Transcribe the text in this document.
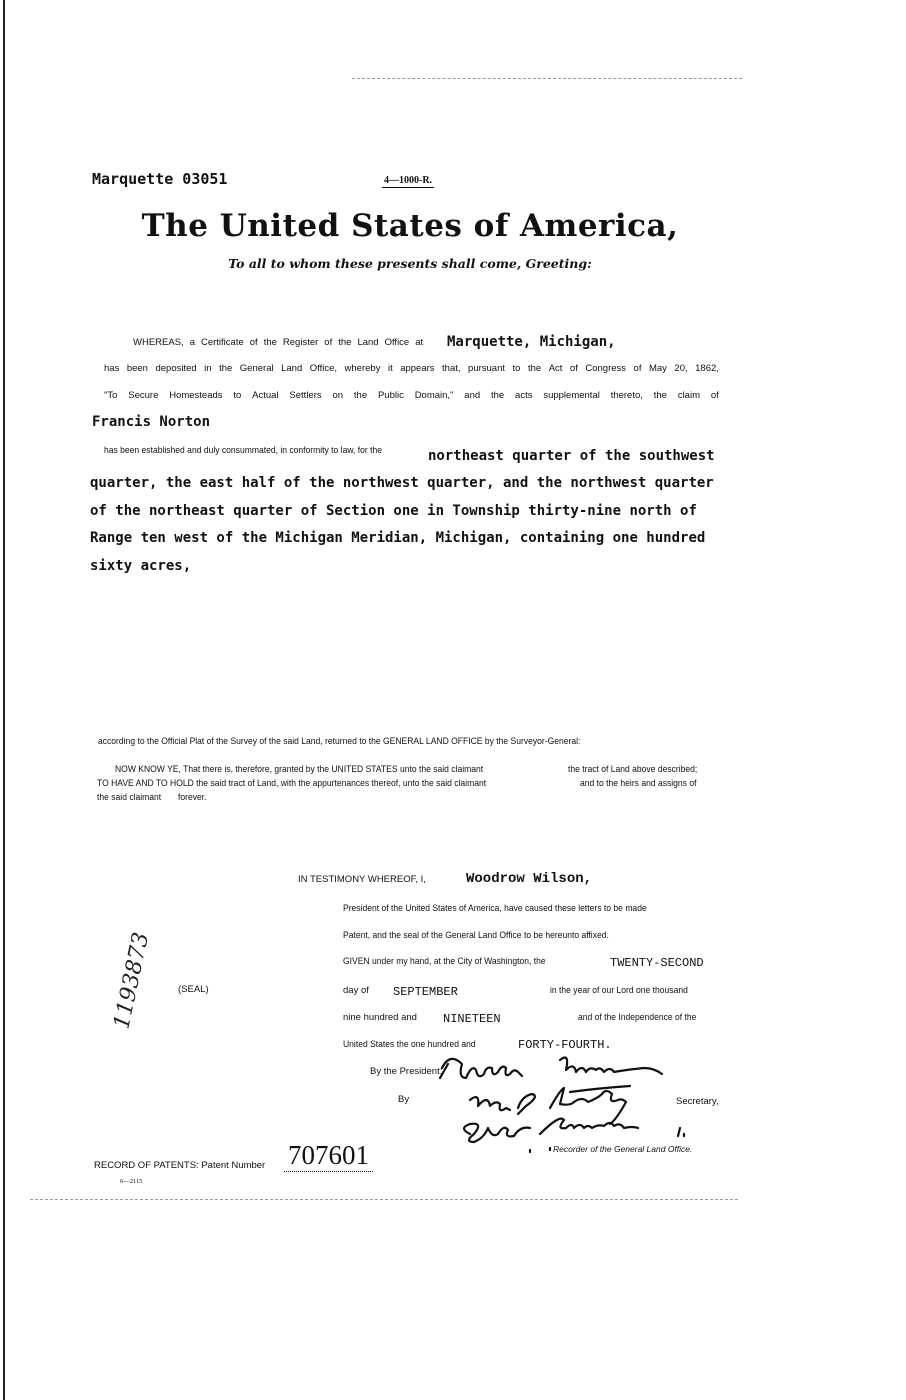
Marquette 03051	4—1000-R.
The United States of America,
To all to whom these presents shall come, Greeting:
WHEREAS, a Certificate of the Register of the Land Office at Marquette, Michigan,
has been deposited in the General Land Office, whereby it appears that, pursuant to the Act of Congress of May 20, 1862,
"To Secure Homesteads to Actual Settlers on the Public Domain," and the acts supplemental thereto, the claim of
Francis Norton
has been established and duly consummated, in conformity to law, for the	northeast quarter of the southwest
quarter, the east half of the northwest quarter, and the northwest quarter
of the northeast quarter of Section one in Township thirty-nine north of
Range ten west of the Michigan Meridian, Michigan, containing one hundred
sixty acres,
according to the Official Plat of the Survey of the said Land, returned to the GENERAL LAND OFFICE by the Surveyor-General:
NOW KNOW YE, That there is, therefore, granted by the UNITED STATES unto the said claimant	the tract of Land above described;
TO HAVE AND TO HOLD the said tract of Land, with the appurtenances thereof, unto the said claimant	and to the heirs and assigns of
the said claimant	forever.
IN TESTIMONY WHEREOF, I,	Woodrow Wilson,
President of the United States of America, have caused these letters to be made
Patent, and the seal of the General Land Office to be hereunto affixed.
GIVEN under my hand, at the City of Washington, the	TWENTY-SECOND
(SEAL)	day of SEPTEMBER	in the year of our Lord one thousand
nine hundred and NINETEEN	and of the Independence of the
United States the one hundred and	FORTY-FOURTH.
By the President:
By	Secretary,
Recorder of the General Land Office.
1193873
RECORD OF PATENTS: Patent Number 707601
6—2115
